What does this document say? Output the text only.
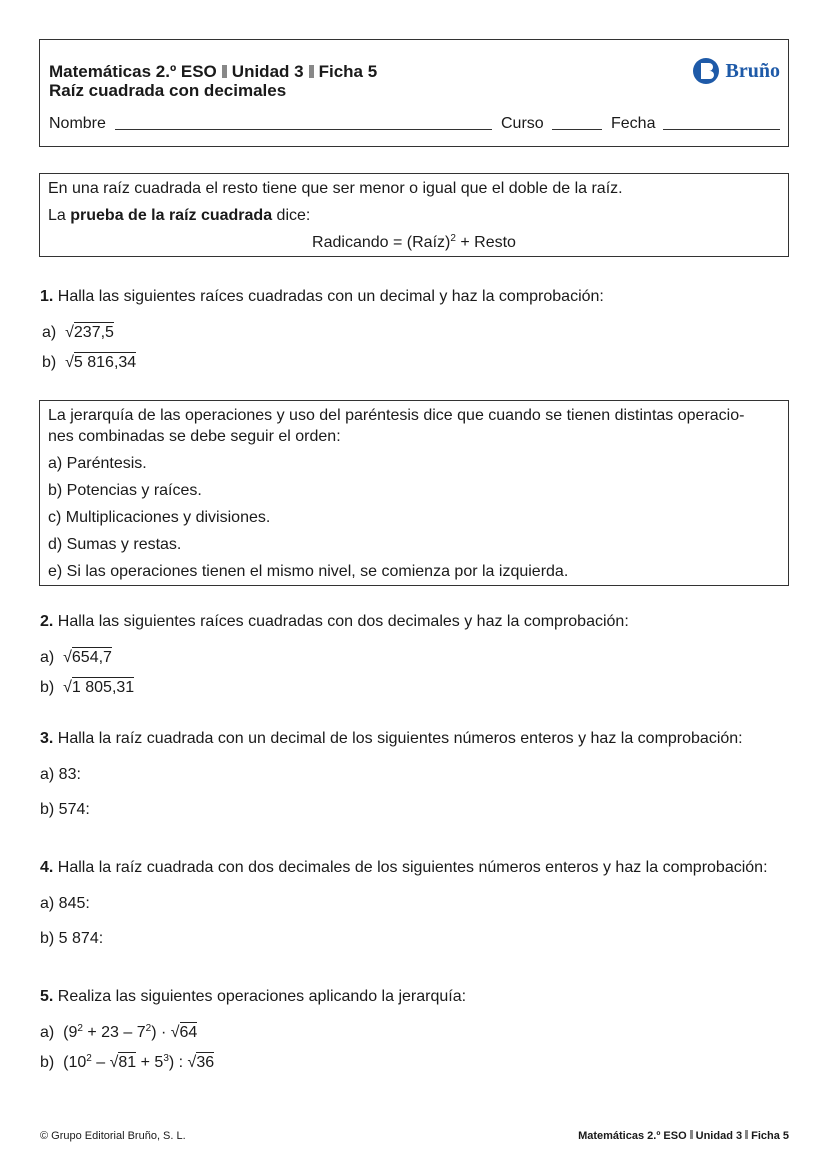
Matemáticas 2.º ESO Unidad 3 Ficha 5
Raíz cuadrada con decimales
Bruño
Nombre	Curso	Fecha

En una raíz cuadrada el resto tiene que ser menor o igual que el doble de la raíz.

La prueba de la raíz cuadrada dice:

Radicando = (Raíz)$^2$ + Resto
1. Halla las siguientes raíces cuadradas con un decimal y haz la comprobación:
a)  √237,5
b)  √5 816,34

La jerarquía de las operaciones y uso del paréntesis dice que cuando se tienen distintas operacio-

nes combinadas se debe seguir el orden:

a) Paréntesis.

b) Potencias y raíces.

c) Multiplicaciones y divisiones.

d) Sumas y restas.

e) Si las operaciones tienen el mismo nivel, se comienza por la izquierda.

2. Halla las siguientes raíces cuadradas con dos decimales y haz la comprobación:
a)  √654,7
b)  √1 805,31
3. Halla la raíz cuadrada con un decimal de los siguientes números enteros y haz la comprobación:
a) 83:
b) 574:
4. Halla la raíz cuadrada con dos decimales de los siguientes números enteros y haz la comprobación:
a) 845:
b) 5 874:
5. Realiza las siguientes operaciones aplicando la jerarquía:
a)  $(9^2 + 23 - 7^2) \cdot √64$
b)  $(10^2 - √81 + 5^3)$ : √36
© Grupo Editorial Bruño, S. L.	Matemáticas 2.º ESO Unidad 3 Ficha 5
